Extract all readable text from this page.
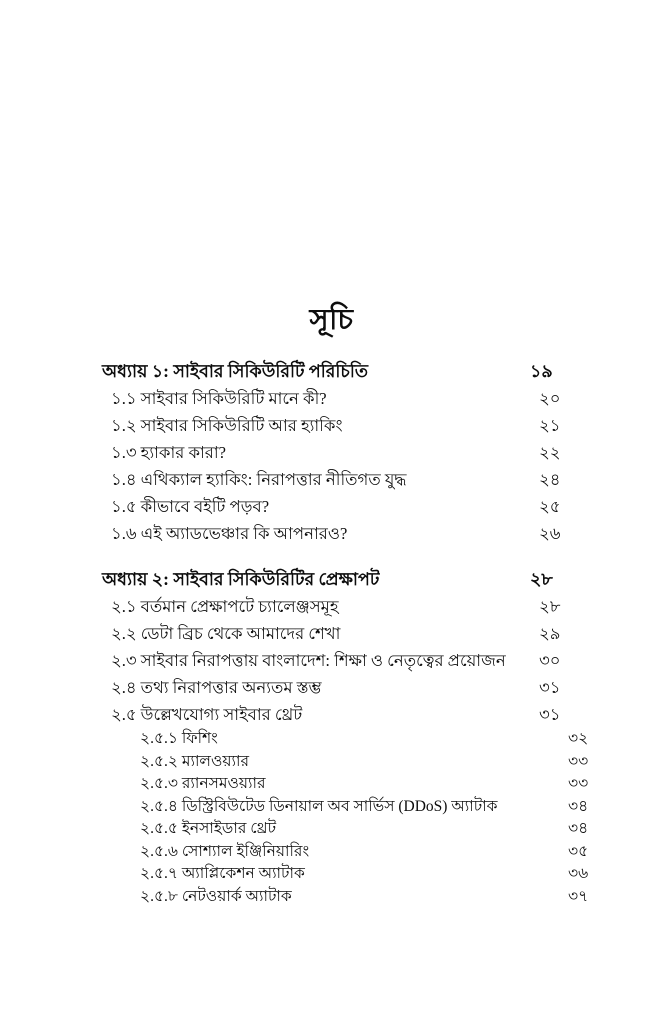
সূচি
অধ্যায় ১: সাইবার সিকিউরিটি পরিচিতি	১৯
১.১ সাইবার সিকিউরিটি মানে কী?	২০
১.২ সাইবার সিকিউরিটি আর হ্যাকিং	২১
১.৩ হ্যাকার কারা?	২২
১.৪ এথিক্যাল হ্যাকিং: নিরাপত্তার নীতিগত যুদ্ধ	২৪
১.৫ কীভাবে বইটি পড়ব?	২৫
১.৬ এই অ্যাডভেঞ্চার কি আপনারও?	২৬
অধ্যায় ২: সাইবার সিকিউরিটির প্রেক্ষাপট	২৮
২.১ বর্তমান প্রেক্ষাপটে চ্যালেঞ্জসমূহ	২৮
২.২ ডেটা ব্রিচ থেকে আমাদের শেখা	২৯
২.৩ সাইবার নিরাপত্তায় বাংলাদেশ: শিক্ষা ও নেতৃত্বের প্রয়োজন ৩০
২.৪ তথ্য নিরাপত্তার অন্যতম স্তম্ভ	৩১
২.৫ উল্লেখযোগ্য সাইবার থ্রেট	৩১
২.৫.১ ফিশিং	৩২
২.৫.২ ম্যালওয়্যার	৩৩
২.৫.৩ র‍্যানসমওয়্যার	৩৩
২.৫.৪ ডিস্ট্রিবিউটেড ডিনায়াল অব সার্ভিস (DDoS) অ্যাটাক	৩৪
২.৫.৫ ইনসাইডার থ্রেট	৩৪
২.৫.৬ সোশ্যাল ইঞ্জিনিয়ারিং	৩৫
২.৫.৭ অ্যাপ্লিকেশন অ্যাটাক	৩৬
২.৫.৮ নেটওয়ার্ক অ্যাটাক	৩৭
